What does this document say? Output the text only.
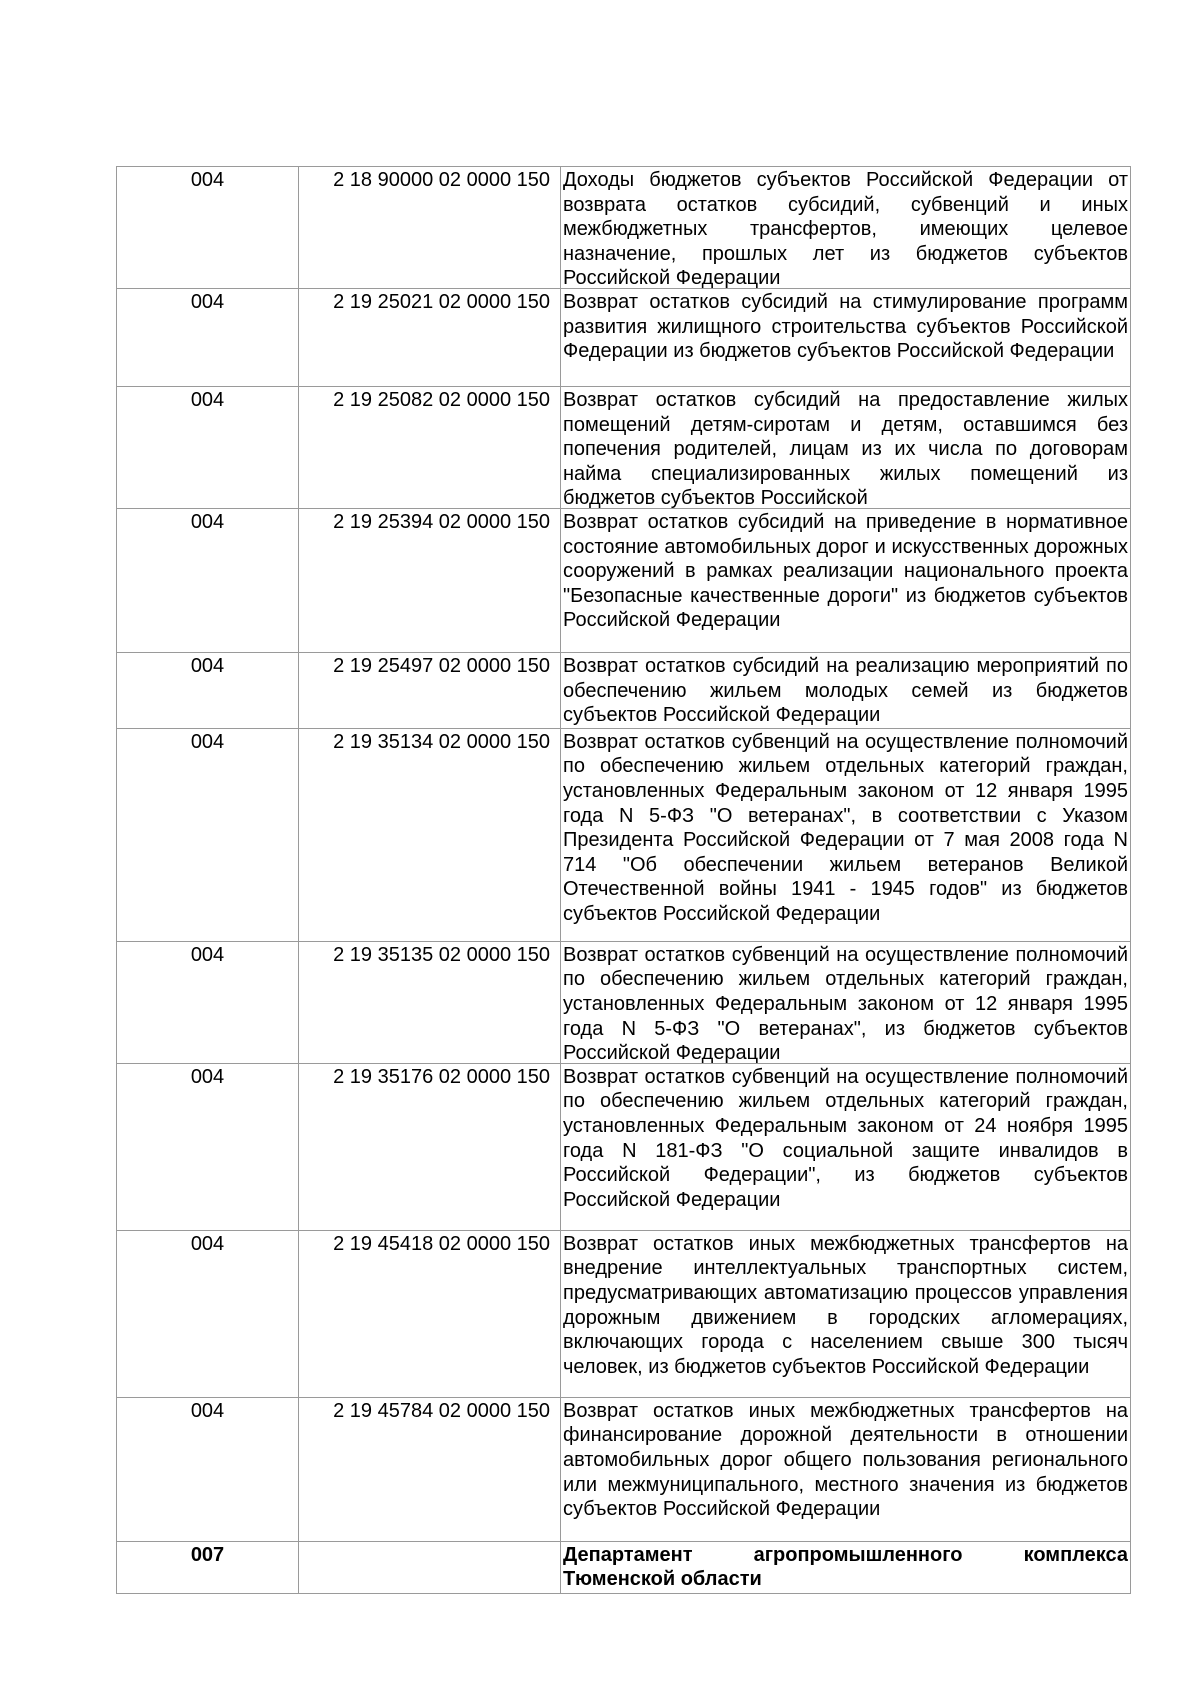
004	2 18 90000 02 0000 150	Доходы бюджетов субъектов Российской Федерации от возврата остатков субсидий, субвенций и иных межбюджетных трансфертов, имеющих целевое назначение, прошлых лет из бюджетов субъектов Российской Федерации

004	2 19 25021 02 0000 150	Возврат остатков субсидий на стимулирование программ развития жилищного строительства субъектов Российской Федерации из бюджетов субъектов Российской Федерации

004	2 19 25082 02 0000 150	Возврат остатков субсидий на предоставление жилых помещений детям-сиротам и детям, оставшимся без попечения родителей, лицам из их числа по договорам найма специализированных жилых помещений из бюджетов субъектов Российской

004	2 19 25394 02 0000 150	Возврат остатков субсидий на приведение в нормативное состояние автомобильных дорог и искусственных дорожных сооружений в рамках реализации национального проекта "Безопасные качественные дороги" из бюджетов субъектов Российской Федерации

004	2 19 25497 02 0000 150	Возврат остатков субсидий на реализацию мероприятий по обеспечению жильем молодых семей из бюджетов субъектов Российской Федерации

004	2 19 35134 02 0000 150	Возврат остатков субвенций на осуществление полномочий по обеспечению жильем отдельных категорий граждан, установленных Федеральным законом от 12 января 1995 года N 5-ФЗ "О ветеранах", в соответствии с Указом Президента Российской Федерации от 7 мая 2008 года N 714 "Об обеспечении жильем ветеранов Великой Отечественной войны 1941 - 1945 годов" из бюджетов субъектов Российской Федерации

004	2 19 35135 02 0000 150	Возврат остатков субвенций на осуществление полномочий по обеспечению жильем отдельных категорий граждан, установленных Федеральным законом от 12 января 1995 года N 5-ФЗ "О ветеранах", из бюджетов субъектов Российской Федерации

004	2 19 35176 02 0000 150	Возврат остатков субвенций на осуществление полномочий по обеспечению жильем отдельных категорий граждан, установленных Федеральным законом от 24 ноября 1995 года N 181-ФЗ "О социальной защите инвалидов в Российской Федерации", из бюджетов субъектов Российской Федерации

004	2 19 45418 02 0000 150	Возврат остатков иных межбюджетных трансфертов на внедрение интеллектуальных транспортных систем, предусматривающих автоматизацию процессов управления дорожным движением в городских агломерациях, включающих города с населением свыше 300 тысяч человек, из бюджетов субъектов Российской Федерации

004	2 19 45784 02 0000 150	Возврат остатков иных межбюджетных трансфертов на финансирование дорожной деятельности в отношении автомобильных дорог общего пользования регионального или межмуниципального, местного значения из бюджетов субъектов Российской Федерации

007		Департамент агропромышленного комплекса Тюменской области
